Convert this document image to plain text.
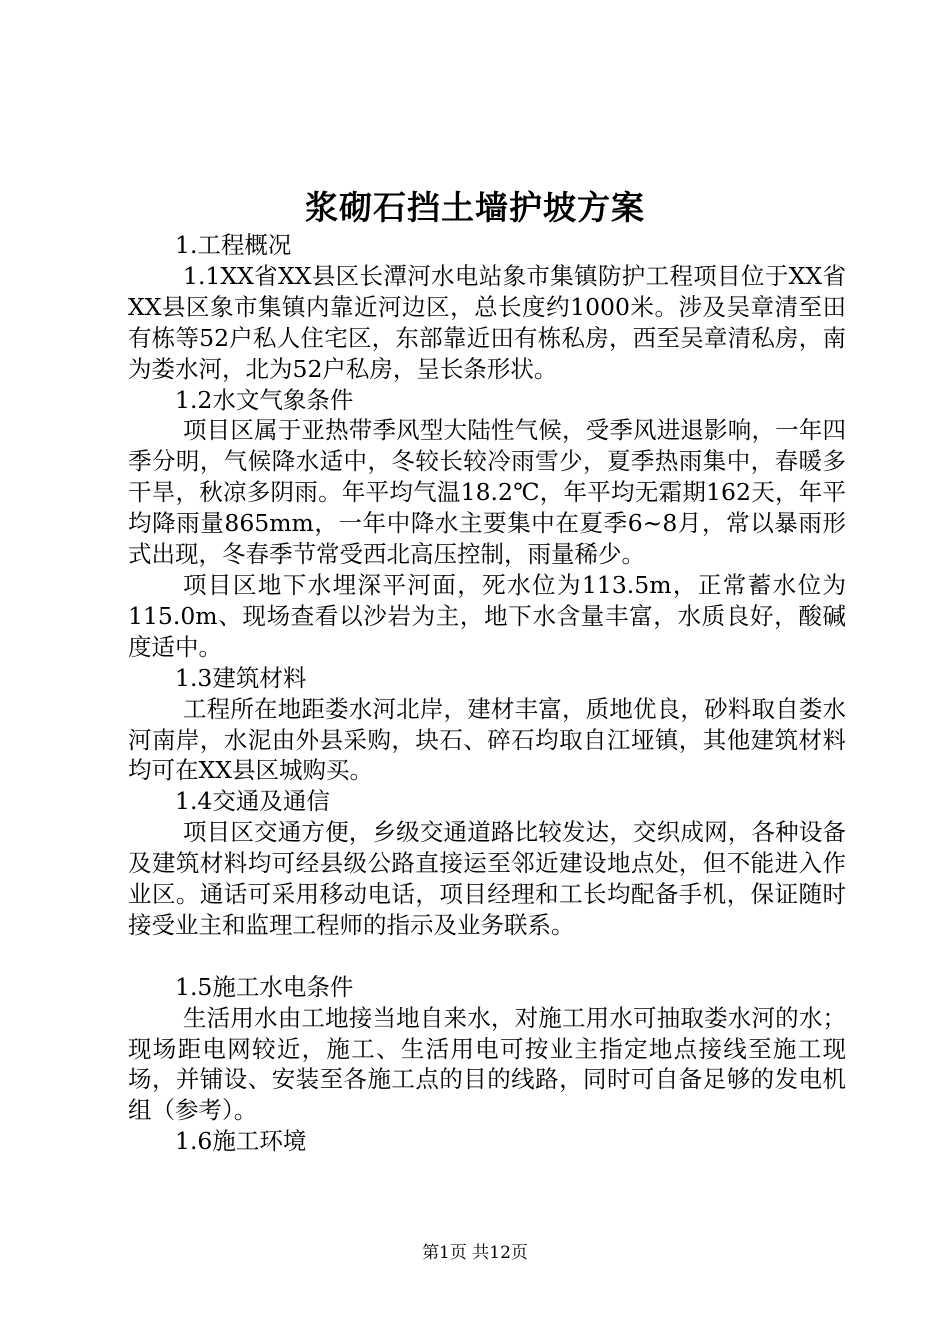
浆砌石挡土墙护坡方案

1.工程概况

1.1XX省XX县区长潭河水电站象市集镇防护工程项目位于XX省XX县区象市集镇内靠近河边区，总长度约1000米。涉及吴章清至田有栋等52户私人住宅区，东部靠近田有栋私房，西至吴章清私房，南为娄水河，北为52户私房，呈长条形状。

1.2水文气象条件

项目区属于亚热带季风型大陆性气候，受季风进退影响，一年四季分明，气候降水适中，冬较长较冷雨雪少，夏季热雨集中，春暖多干旱，秋凉多阴雨。年平均气温18.2℃，年平均无霜期162天，年平均降雨量865mm，一年中降水主要集中在夏季6~8月，常以暴雨形式出现，冬春季节常受西北高压控制，雨量稀少。

项目区地下水埋深平河面，死水位为113.5m，正常蓄水位为115.0m、现场查看以沙岩为主，地下水含量丰富，水质良好，酸碱度适中。

1.3建筑材料

工程所在地距娄水河北岸，建材丰富，质地优良，砂料取自娄水河南岸，水泥由外县采购，块石、碎石均取自江垭镇，其他建筑材料均可在XX县区城购买。

1.4交通及通信

项目区交通方便，乡级交通道路比较发达，交织成网，各种设备及建筑材料均可经县级公路直接运至邻近建设地点处，但不能进入作业区。通话可采用移动电话，项目经理和工长均配备手机，保证随时接受业主和监理工程师的指示及业务联系。

1.5施工水电条件

生活用水由工地接当地自来水，对施工用水可抽取娄水河的水；现场距电网较近，施工、生活用电可按业主指定地点接线至施工现场，并铺设、安装至各施工点的目的线路，同时可自备足够的发电机组（参考）。

1.6施工环境

第1页 共12页
